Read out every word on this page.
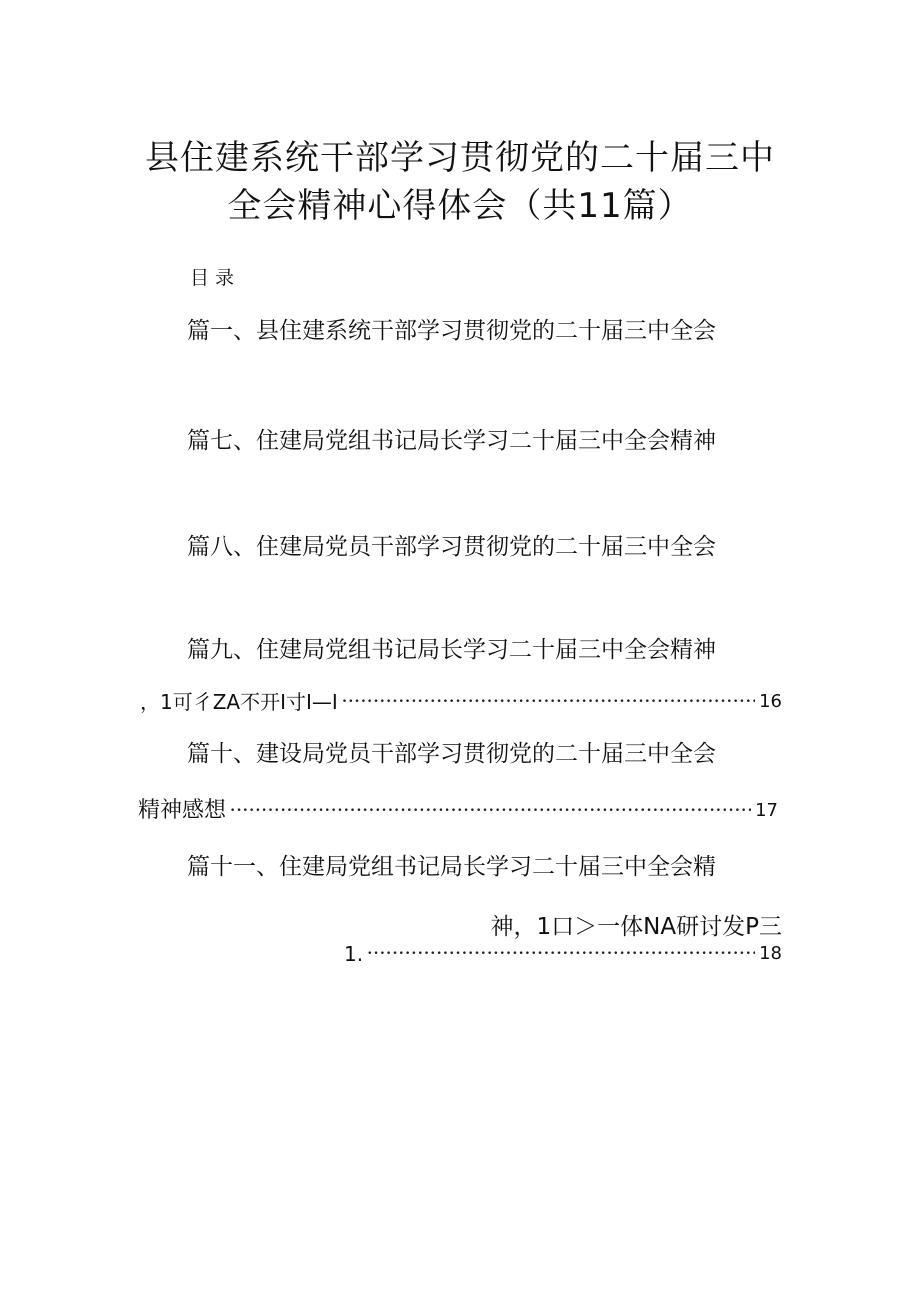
县住建系统干部学习贯彻党的二十届三中
全会精神心得体会（共11篇）
目录
篇一、县住建系统干部学习贯彻党的二十届三中全会
篇七、住建局党组书记局长学习二十届三中全会精神
篇八、住建局党员干部学习贯彻党的二十届三中全会
篇九、住建局党组书记局长学习二十届三中全会精神
，1可彳ZA不开I寸I—I •••••	16
篇十、建设局党员干部学习贯彻党的二十届三中全会
精神感想 •••••	17
篇十一、住建局党组书记局长学习二十届三中全会精
神，1口＞一体NA研讨发P三
1. •••••	18
